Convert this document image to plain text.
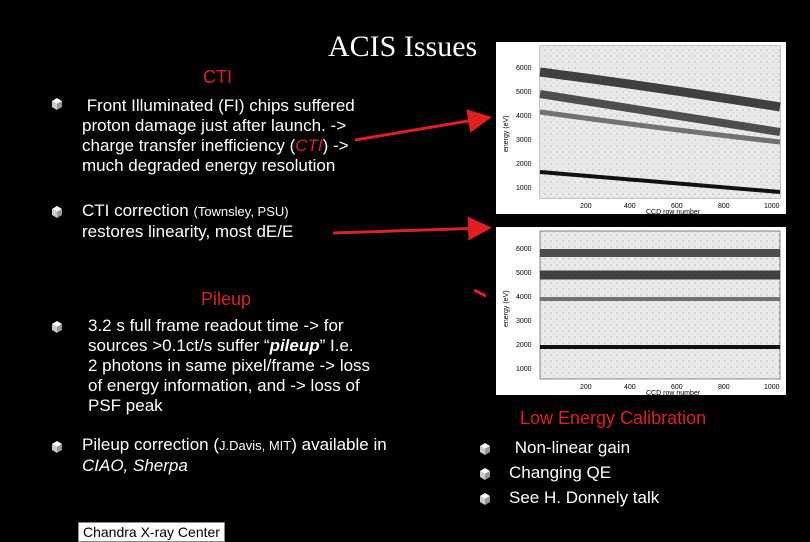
ACIS Issues
CTI
Front Illuminated (FI) chips suffered
proton damage just after launch. ->
charge transfer inefficiency (CTI) ->
much degraded energy resolution
CTI correction (Townsley, PSU)
restores linearity, most dE/E
Pileup
3.2 s full frame readout time -> for
sources >0.1ct/s suffer “pileup” I.e.
2 photons in same pixel/frame -> loss
of energy information, and -> loss of
PSF peak
Pileup correction (J.Davis, MIT) available in
CIAO, Sherpa
energy (eV)
6000
5000
4000
3000
2000
1000
200	400	600	800	1000
CCD row number
energy (eV)
6000
5000
4000
3000
2000
1000
200	400	600	800	1000
CCD row number
Low Energy Calibration
Non-linear gain
Changing QE
See H. Donnely talk
Chandra X-ray Center
